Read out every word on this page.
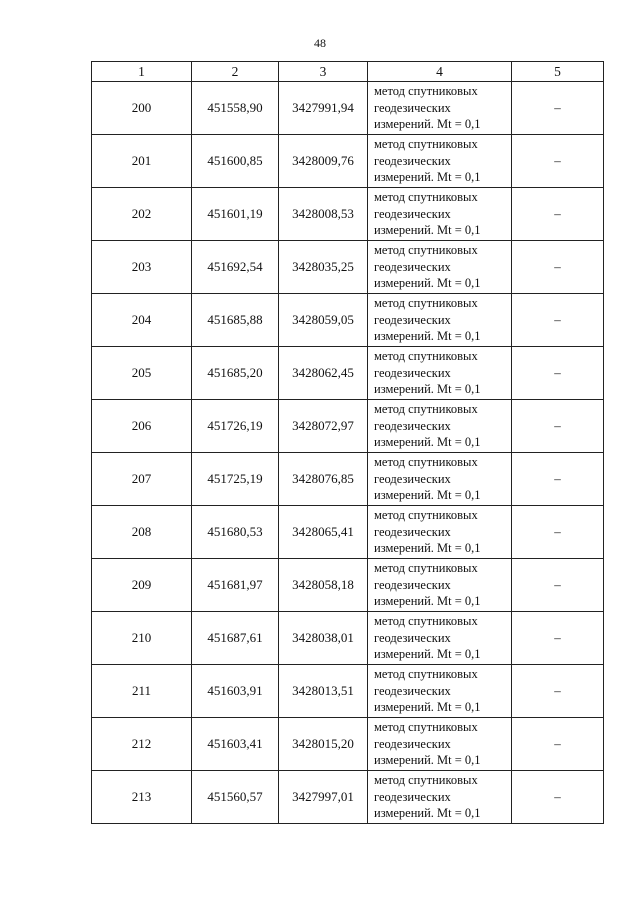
48
1	2	3	4	5
200	451558,90	3427991,94	метод спутниковых
геодезических
измерений. Mt = 0,1	–
201	451600,85	3428009,76	метод спутниковых
геодезических
измерений. Mt = 0,1	–
202	451601,19	3428008,53	метод спутниковых
геодезических
измерений. Mt = 0,1	–
203	451692,54	3428035,25	метод спутниковых
геодезических
измерений. Mt = 0,1	–
204	451685,88	3428059,05	метод спутниковых
геодезических
измерений. Mt = 0,1	–
205	451685,20	3428062,45	метод спутниковых
геодезических
измерений. Mt = 0,1	–
206	451726,19	3428072,97	метод спутниковых
геодезических
измерений. Mt = 0,1	–
207	451725,19	3428076,85	метод спутниковых
геодезических
измерений. Mt = 0,1	–
208	451680,53	3428065,41	метод спутниковых
геодезических
измерений. Mt = 0,1	–
209	451681,97	3428058,18	метод спутниковых
геодезических
измерений. Mt = 0,1	–
210	451687,61	3428038,01	метод спутниковых
геодезических
измерений. Mt = 0,1	–
211	451603,91	3428013,51	метод спутниковых
геодезических
измерений. Mt = 0,1	–
212	451603,41	3428015,20	метод спутниковых
геодезических
измерений. Mt = 0,1	–
213	451560,57	3427997,01	метод спутниковых
геодезических
измерений. Mt = 0,1	–
